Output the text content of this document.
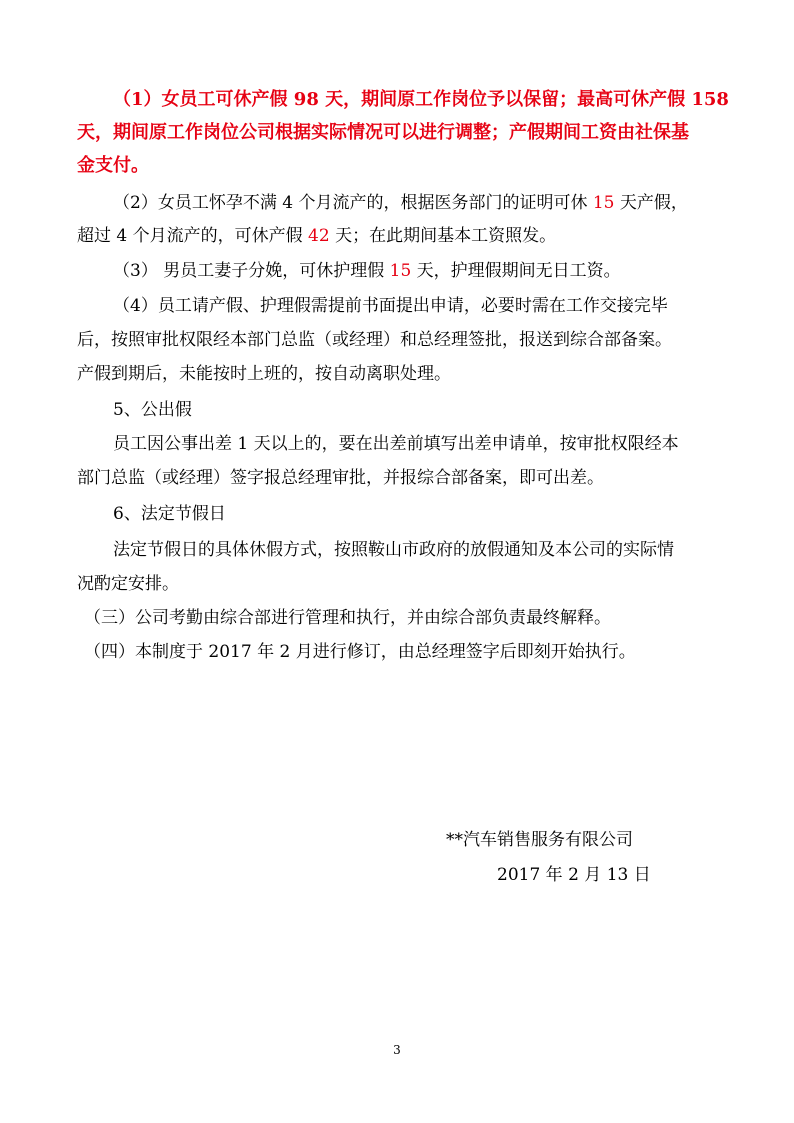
（1）女员工可休产假 98 天，期间原工作岗位予以保留；最高可休产假 158
天，期间原工作岗位公司根据实际情况可以进行调整；产假期间工资由社保基
金支付。
（2）女员工怀孕不满 4 个月流产的，根据医务部门的证明可休 15 天产假，
超过 4 个月流产的，可休产假 42 天；在此期间基本工资照发。
（3） 男员工妻子分娩，可休护理假 15 天，护理假期间无日工资。
（4）员工请产假、护理假需提前书面提出申请，必要时需在工作交接完毕
后，按照审批权限经本部门总监（或经理）和总经理签批，报送到综合部备案。
产假到期后，未能按时上班的，按自动离职处理。
5、公出假
员工因公事出差 1 天以上的，要在出差前填写出差申请单，按审批权限经本
部门总监（或经理）签字报总经理审批，并报综合部备案，即可出差。
6、法定节假日
法定节假日的具体休假方式，按照鞍山市政府的放假通知及本公司的实际情
况酌定安排。
（三）公司考勤由综合部进行管理和执行，并由综合部负责最终解释。
（四）本制度于 2017 年 2 月进行修订，由总经理签字后即刻开始执行。
**汽车销售服务有限公司
2017 年 2 月 13 日
3
